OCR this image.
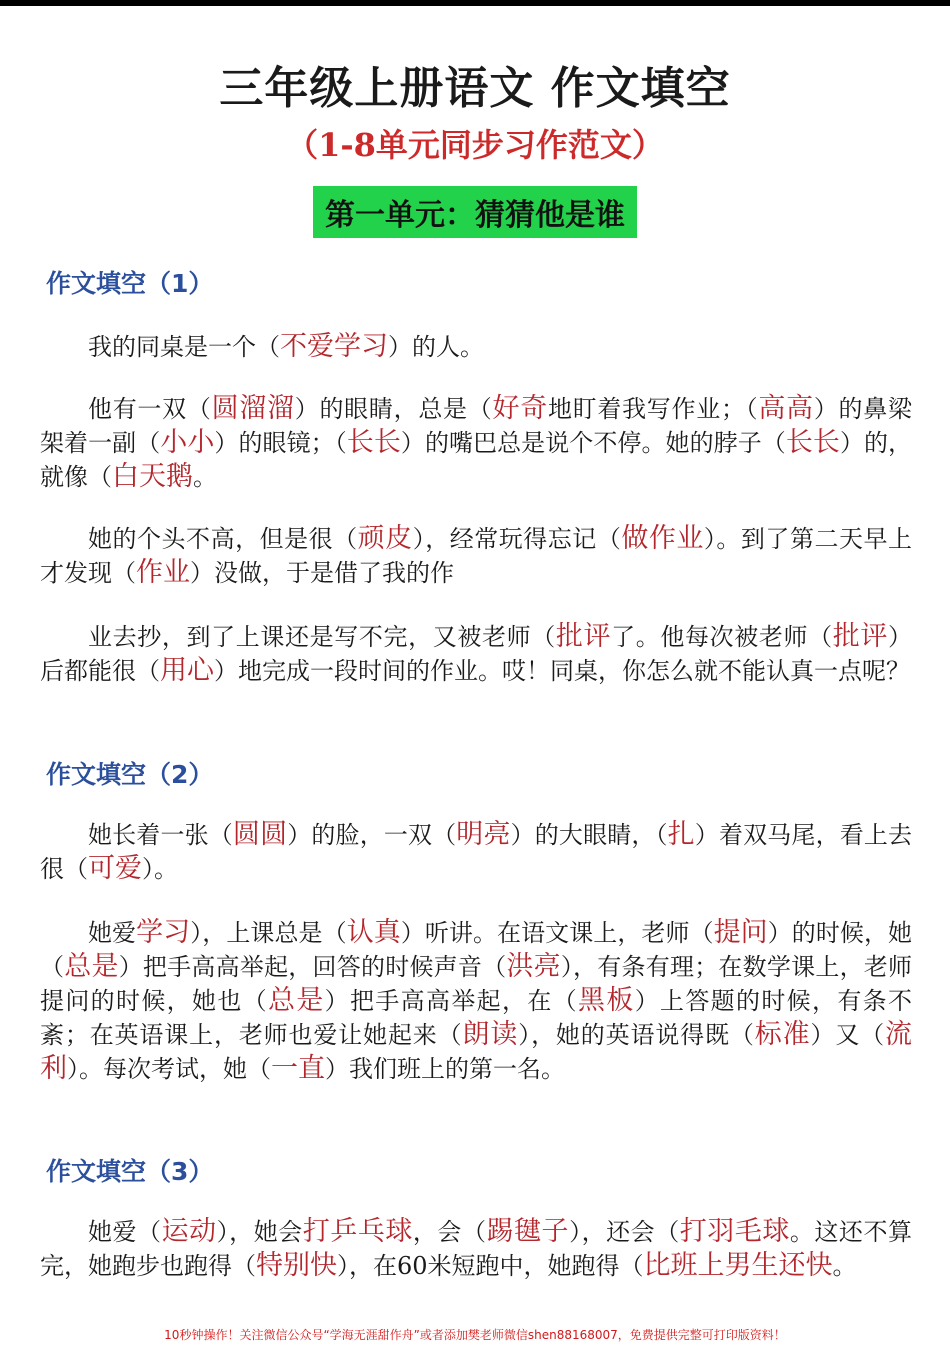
三年级上册语文 作文填空
（1-8单元同步习作范文）
第一单元：猜猜他是谁
作文填空（1）
我的同桌是一个（不爱学习）的人。
他有一双（圆溜溜）的眼睛，总是（好奇地盯着我写作业；（高高）的鼻梁架着一副（小小）的眼镜；（长长）的嘴巴总是说个不停。她的脖子（长长）的，就像（白天鹅。
她的个头不高，但是很（顽皮），经常玩得忘记（做作业）。到了第二天早上才发现（作业）没做，于是借了我的作
业去抄，到了上课还是写不完，又被老师（批评了。他每次被老师（批评）后都能很（用心）地完成一段时间的作业。哎！同桌，你怎么就不能认真一点呢？
作文填空（2）
她长着一张（圆圆）的脸，一双（明亮）的大眼睛，（扎）着双马尾，看上去很（可爱）。
她爱学习），上课总是（认真）听讲。在语文课上，老师（提问）的时候，她（总是）把手高高举起，回答的时候声音（洪亮），有条有理；在数学课上，老师提问的时候，她也（总是）把手高高举起，在（黑板）上答题的时候，有条不紊；在英语课上，老师也爱让她起来（朗读），她的英语说得既（标准）又（流利）。每次考试，她（一直）我们班上的第一名。
作文填空（3）
她爱（运动），她会打乒乓球，会（踢毽子），还会（打羽毛球。这还不算完，她跑步也跑得（特别快），在60米短跑中，她跑得（比班上男生还快。
10秒钟操作！关注微信公众号“学海无涯甜作舟”或者添加樊老师微信shen88168007，免费提供完整可打印版资料！
